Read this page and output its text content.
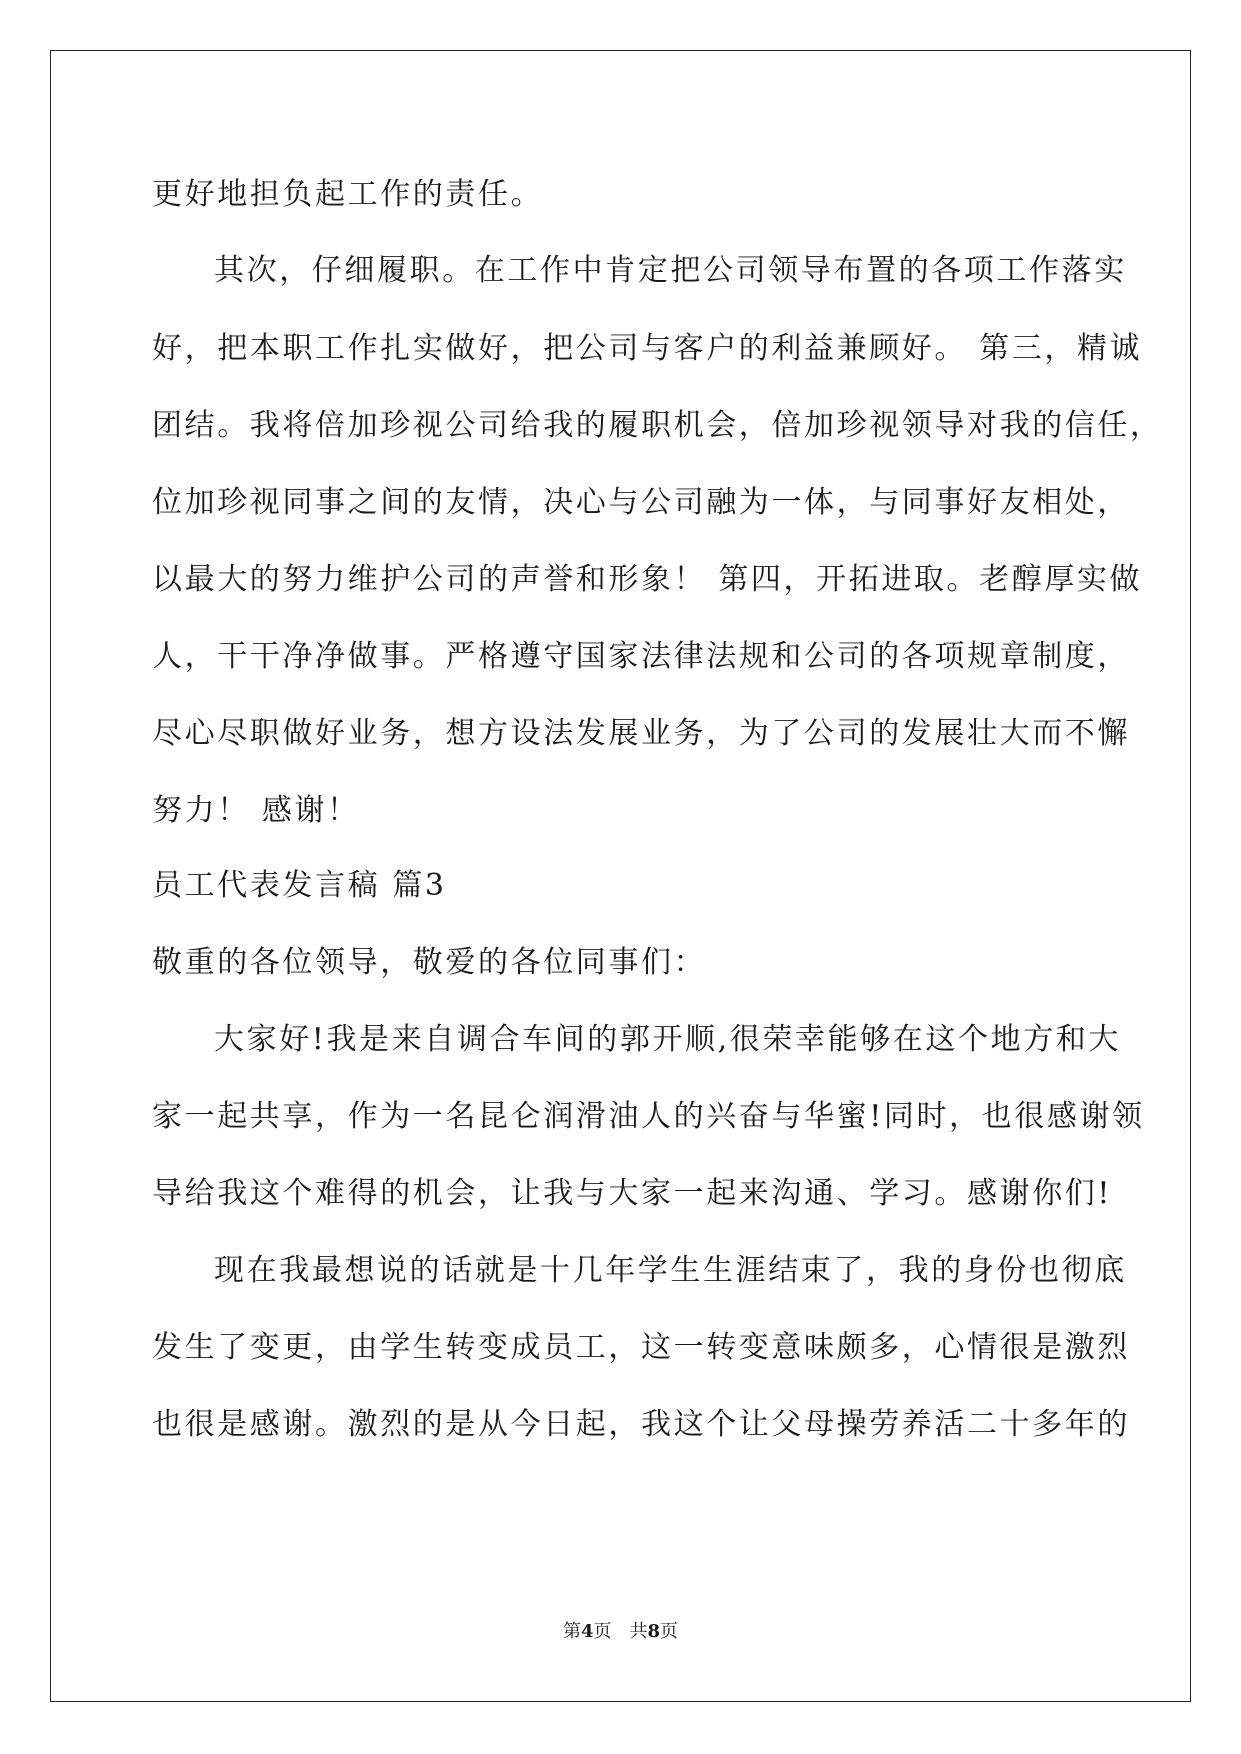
更好地担负起工作的责任。
其次，仔细履职。在工作中肯定把公司领导布置的各项工作落实
好，把本职工作扎实做好，把公司与客户的利益兼顾好。 第三，精诚
团结。我将倍加珍视公司给我的履职机会，倍加珍视领导对我的信任，
位加珍视同事之间的友情，决心与公司融为一体，与同事好友相处，
以最大的努力维护公司的声誉和形象！ 第四，开拓进取。老醇厚实做
人，干干净净做事。严格遵守国家法律法规和公司的各项规章制度，
尽心尽职做好业务，想方设法发展业务，为了公司的发展壮大而不懈
努力！ 感谢！
员工代表发言稿 篇3
敬重的各位领导，敬爱的各位同事们：
大家好!我是来自调合车间的郭开顺,很荣幸能够在这个地方和大
家一起共享，作为一名昆仑润滑油人的兴奋与华蜜!同时，也很感谢领
导给我这个难得的机会，让我与大家一起来沟通、学习。感谢你们!
现在我最想说的话就是十几年学生生涯结束了，我的身份也彻底
发生了变更，由学生转变成员工，这一转变意味颇多，心情很是激烈
也很是感谢。激烈的是从今日起，我这个让父母操劳养活二十多年的
第4页　共8页
